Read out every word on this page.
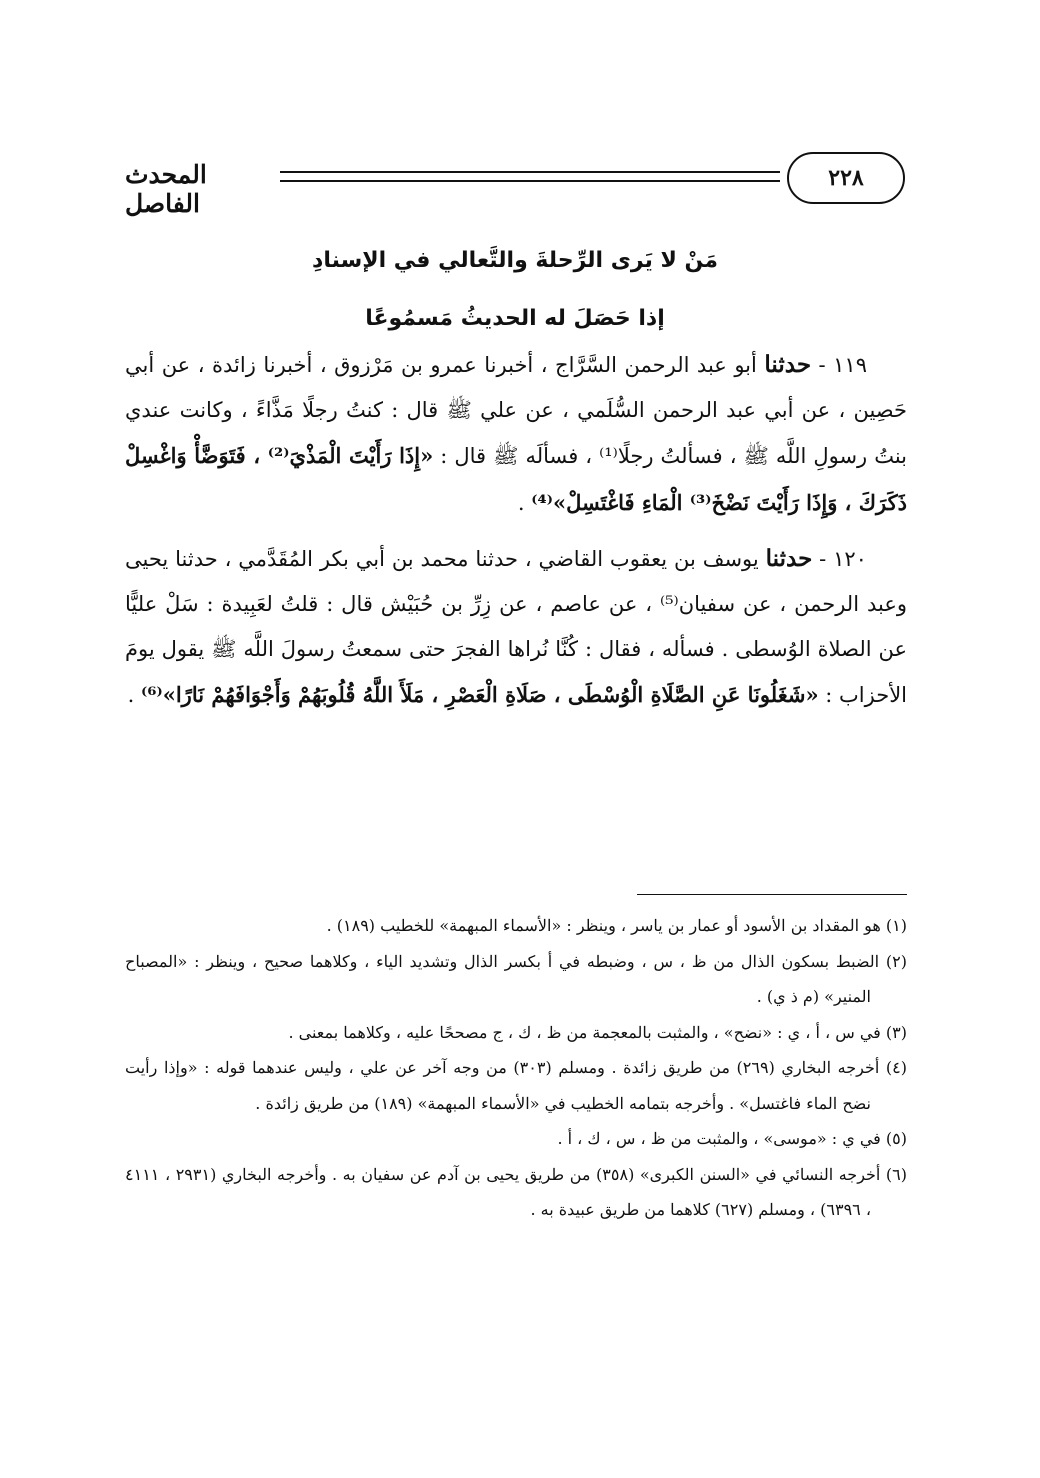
٢٢٨
المحدث الفاصل
مَنْ لا يَرى الرِّحلةَ والتَّعالي في الإسنادِ
إذا حَصَلَ له الحديثُ مَسمُوعًا

١١٩ - حدثنا أبو عبد الرحمن السَّرَّاج ، أخبرنا عمرو بن مَرْزوق ، أخبرنا زائدة ، عن أبي حَصِين ، عن أبي عبد الرحمن السُّلَمي ، عن علي ﷺ قال : كنتُ رجلًا مَذَّاءً ، وكانت عندي بنتُ رسولِ اللَّه ﷺ ، فسألتُ رجلًا⁽¹⁾ ، فسألَه ﷺ قال : «إِذَا رَأَيْتَ الْمَذْيَ⁽²⁾ ، فَتَوَضَّأْ وَاغْسِلْ ذَكَرَكَ ، وَإِذَا رَأَيْتَ نَضْخَ⁽³⁾ الْمَاءِ فَاغْتَسِلْ»⁽⁴⁾ .

١٢٠ - حدثنا يوسف بن يعقوب القاضي ، حدثنا محمد بن أبي بكر المُقَدَّمي ، حدثنا يحيى وعبد الرحمن ، عن سفيان⁽⁵⁾ ، عن عاصم ، عن زِرِّ بن حُبَيْش قال : قلتُ لعَبِيدة : سَلْ عليًّا عن الصلاة الوُسطى . فسأله ، فقال : كُنَّا نُراها الفجرَ حتى سمعتُ رسولَ اللَّه ﷺ يقول يومَ الأحزاب : «شَغَلُونَا عَنِ الصَّلَاةِ الْوُسْطَى ، صَلَاةِ الْعَصْرِ ، مَلَأَ اللَّهُ قُلُوبَهُمْ وَأَجْوَافَهُمْ نَارًا»⁽⁶⁾ .

(١) هو المقداد بن الأسود أو عمار بن ياسر ، وينظر : «الأسماء المبهمة» للخطيب (١٨٩) .

(٢) الضبط بسكون الذال من ظ ، س ، وضبطه في أ بكسر الذال وتشديد الياء ، وكلاهما صحيح ، وينظر : «المصباح المنير» (م ذ ي) .

(٣) في س ، أ ، ي : «نضح» ، والمثبت بالمعجمة من ظ ، ك ، ج مصححًا عليه ، وكلاهما بمعنى .

(٤) أخرجه البخاري (٢٦٩) من طريق زائدة . ومسلم (٣٠٣) من وجه آخر عن علي ، وليس عندهما قوله : «وإذا رأيت نضح الماء فاغتسل» . وأخرجه بتمامه الخطيب في «الأسماء المبهمة» (١٨٩) من طريق زائدة .

(٥) في ي : «موسى» ، والمثبت من ظ ، س ، ك ، أ .

(٦) أخرجه النسائي في «السنن الكبرى» (٣٥٨) من طريق يحيى بن آدم عن سفيان به . وأخرجه البخاري (٢٩٣١ ، ٤١١١ ، ٦٣٩٦) ، ومسلم (٦٢٧) كلاهما من طريق عبيدة به .
